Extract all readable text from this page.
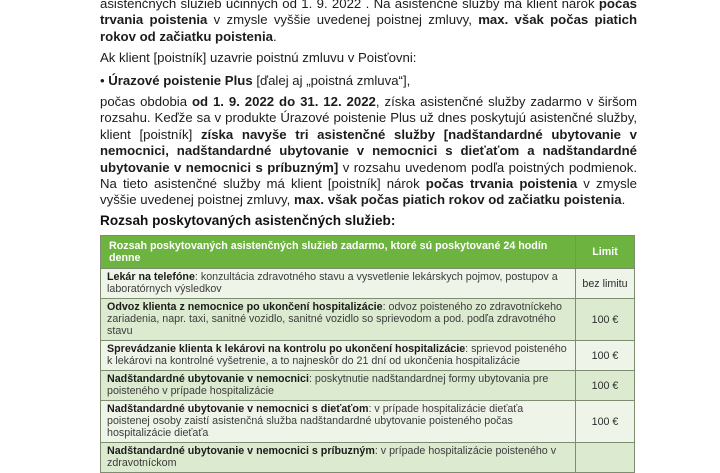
asistenčných služieb účinných od 1. 9. 2022 . Na asistenčné služby má klient nárok počas trvania poistenia v zmysle vyššie uvedenej poistnej zmluvy, max. však počas piatich rokov od začiatku poistenia.

Ak klient [poistník] uzavrie poistnú zmluvu v Poisťovni:

• Úrazové poistenie Plus [ďalej aj „poistná zmluva“],

počas obdobia od 1. 9. 2022 do 31. 12. 2022, získa asistenčné služby zadarmo v širšom rozsahu. Keďže sa v produkte Úrazové poistenie Plus už dnes poskytujú asistenčné služby, klient [poistník] získa navyše tri asistenčné služby [nadštandardné ubytovanie v nemocnici, nadštandardné ubytovanie v nemocnici s dieťaťom a nadštandardné ubytovanie v nemocnici s príbuzným] v rozsahu uvedenom podľa poistných podmienok. Na tieto asistenčné služby má klient [poistník] nárok počas trvania poistenia v zmysle vyššie uvedenej poistnej zmluvy, max. však počas piatich rokov od začiatku poistenia.

Rozsah poskytovaných asistenčných služieb:
Rozsah poskytovaných asistenčných služieb zadarmo, ktoré sú poskytované 24 hodín denne	Limit
Lekár na telefóne: konzultácia zdravotného stavu a vysvetlenie lekárskych pojmov, postupov a laboratórnych výsledkov	bez limitu
Odvoz klienta z nemocnice po ukončení hospitalizácie: odvoz poisteného zo zdravotníckeho zariadenia, napr. taxi, sanitné vozidlo, sanitné vozidlo so sprievodom a pod. podľa zdravotného stavu	100 €
Sprevádzanie klienta k lekárovi na kontrolu po ukončení hospitalizácie: sprievod poisteného k lekárovi na kontrolné vyšetrenie, a to najneskôr do 21 dní od ukončenia hospitalizácie	100 €
Nadštandardné ubytovanie v nemocnici: poskytnutie nadštandardnej formy ubytovania pre poisteného v prípade hospitalizácie	100 €
Nadštandardné ubytovanie v nemocnici s dieťaťom: v prípade hospitalizácie dieťaťa poistenej osoby zaistí asistenčná služba nadštandardné ubytovanie poisteného počas hospitalizácie dieťaťa	100 €
Nadštandardné ubytovanie v nemocnici s príbuzným: v prípade hospitalizácie poisteného v zdravotníckom	
